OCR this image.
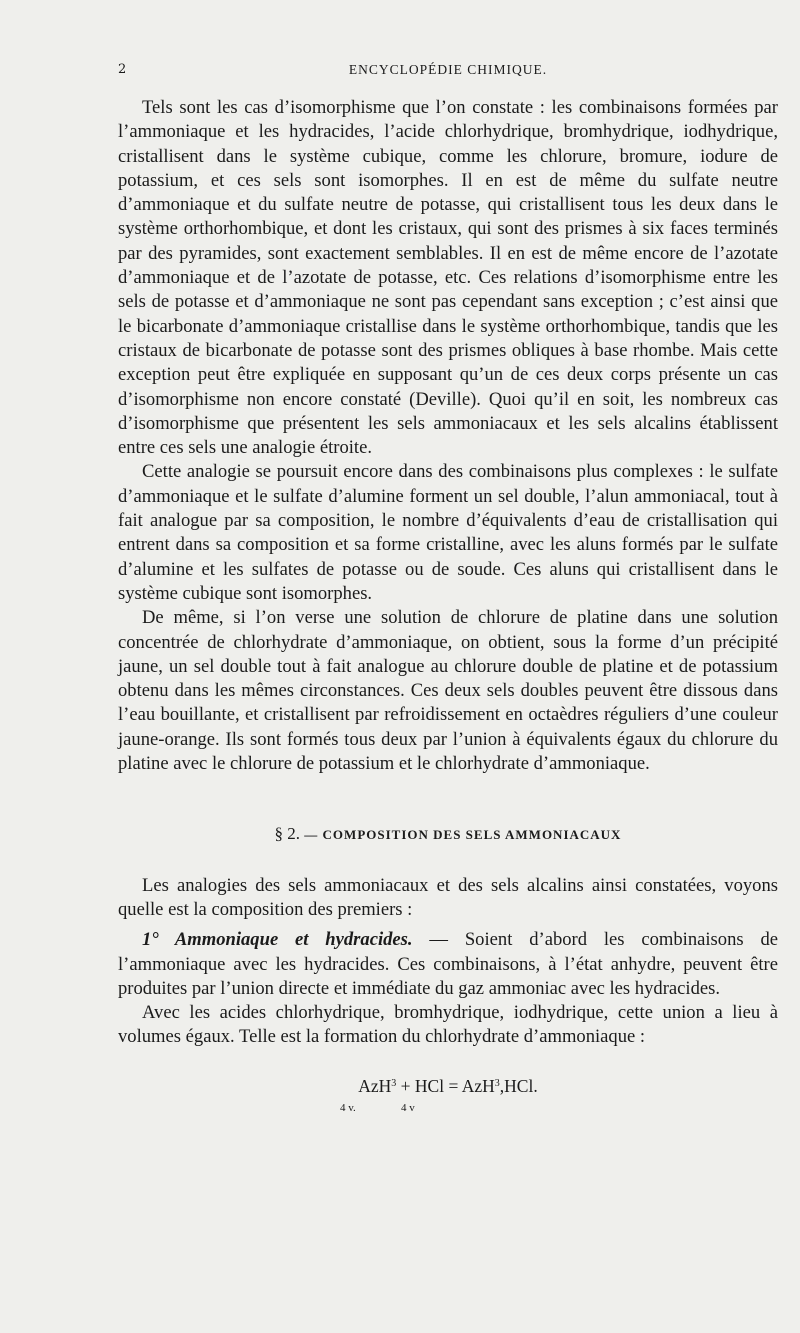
2	ENCYCLOPÉDIE CHIMIQUE.

Tels sont les cas d’isomorphisme que l’on constate : les combinaisons formées par l’ammoniaque et les hydracides, l’acide chlorhydrique, bromhydrique, iodhydrique, cristallisent dans le système cubique, comme les chlorure, bromure, iodure de potassium, et ces sels sont isomorphes. Il en est de même du sulfate neutre d’ammoniaque et du sulfate neutre de potasse, qui cristallisent tous les deux dans le système orthorhombique, et dont les cristaux, qui sont des prismes à six faces terminés par des pyramides, sont exactement semblables. Il en est de même encore de l’azotate d’ammoniaque et de l’azotate de potasse, etc. Ces relations d’isomorphisme entre les sels de potasse et d’ammoniaque ne sont pas cependant sans exception ; c’est ainsi que le bicarbonate d’ammoniaque cristallise dans le système orthorhombique, tandis que les cristaux de bicarbonate de potasse sont des prismes obliques à base rhombe. Mais cette exception peut être expliquée en supposant qu’un de ces deux corps présente un cas d’isomorphisme non encore constaté (Deville). Quoi qu’il en soit, les nombreux cas d’isomorphisme que présentent les sels ammoniacaux et les sels alcalins établissent entre ces sels une analogie étroite.

Cette analogie se poursuit encore dans des combinaisons plus complexes : le sulfate d’ammoniaque et le sulfate d’alumine forment un sel double, l’alun ammoniacal, tout à fait analogue par sa composition, le nombre d’équivalents d’eau de cristallisation qui entrent dans sa composition et sa forme cristalline, avec les aluns formés par le sulfate d’alumine et les sulfates de potasse ou de soude. Ces aluns qui cristallisent dans le système cubique sont isomorphes.

De même, si l’on verse une solution de chlorure de platine dans une solution concentrée de chlorhydrate d’ammoniaque, on obtient, sous la forme d’un précipité jaune, un sel double tout à fait analogue au chlorure double de platine et de potassium obtenu dans les mêmes circonstances. Ces deux sels doubles peuvent être dissous dans l’eau bouillante, et cristallisent par refroidissement en octaèdres réguliers d’une couleur jaune-orange. Ils sont formés tous deux par l’union à équivalents égaux du chlorure du platine avec le chlorure de potassium et le chlorhydrate d’ammoniaque.

§ 2. — COMPOSITION DES SELS AMMONIACAUX

Les analogies des sels ammoniacaux et des sels alcalins ainsi constatées, voyons quelle est la composition des premiers :

1° Ammoniaque et hydracides. — Soient d’abord les combinaisons de l’ammoniaque avec les hydracides. Ces combinaisons, à l’état anhydre, peuvent être produites par l’union directe et immédiate du gaz ammoniac avec les hydracides.

Avec les acides chlorhydrique, bromhydrique, iodhydrique, cette union a lieu à volumes égaux. Telle est la formation du chlorhydrate d’ammoniaque :

AzH$^3$ + HCl = AzH$^3$,HCl.
4 v.	4 v
